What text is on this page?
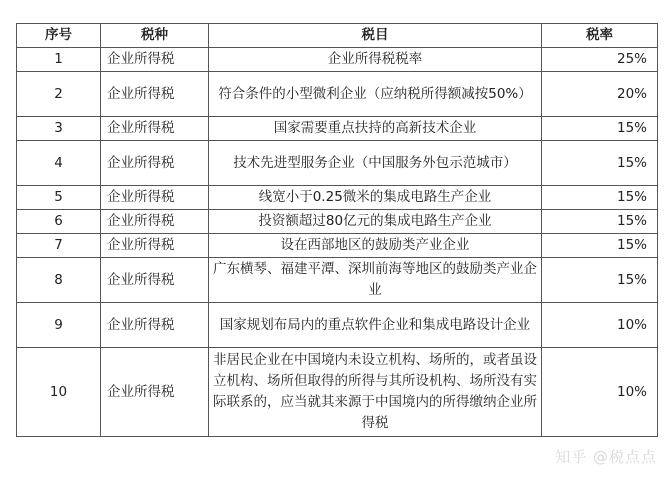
序号	税种	税目	税率
1	企业所得税	企业所得税税率	25%
2	企业所得税	符合条件的小型微利企业（应纳税所得额减按50%）	20%
3	企业所得税	国家需要重点扶持的高新技术企业	15%
4	企业所得税	技术先进型服务企业（中国服务外包示范城市）	15%
5	企业所得税	线宽小于0.25微米的集成电路生产企业	15%
6	企业所得税	投资额超过80亿元的集成电路生产企业	15%
7	企业所得税	设在西部地区的鼓励类产业企业	15%
8	企业所得税	广东横琴、福建平潭、深圳前海等地区的鼓励类产业企业	15%
9	企业所得税	国家规划布局内的重点软件企业和集成电路设计企业	10%
10	企业所得税	非居民企业在中国境内未设立机构、场所的，或者虽设立机构、场所但取得的所得与其所设机构、场所没有实际联系的，应当就其来源于中国境内的所得缴纳企业所得税	10%
知乎 @税点点
